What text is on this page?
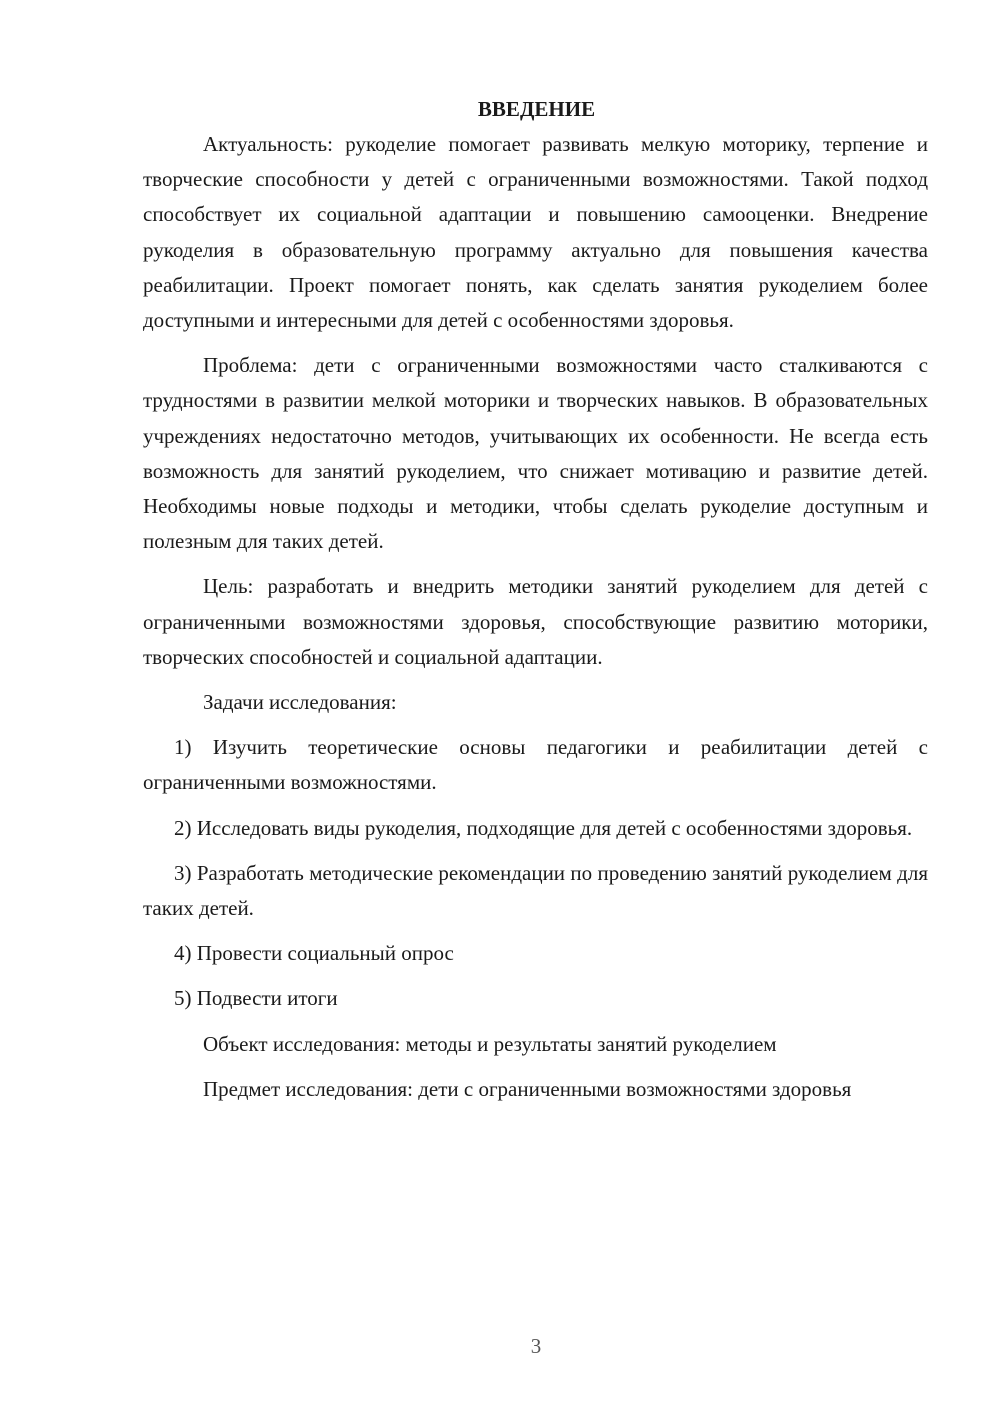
ВВЕДЕНИЕ

Актуальность: рукоделие помогает развивать мелкую моторику, терпение и творческие способности у детей с ограниченными возможностями. Такой подход способствует их социальной адаптации и повышению самооценки. Внедрение рукоделия в образовательную программу актуально для повышения качества реабилитации. Проект помогает понять, как сделать занятия рукоделием более доступными и интересными для детей с особенностями здоровья.

Проблема: дети с ограниченными возможностями часто сталкиваются с трудностями в развитии мелкой моторики и творческих навыков. В образовательных учреждениях недостаточно методов, учитывающих их особенности. Не всегда есть возможность для занятий рукоделием, что снижает мотивацию и развитие детей. Необходимы новые подходы и методики, чтобы сделать рукоделие доступным и полезным для таких детей.

Цель: разработать и внедрить методики занятий рукоделием для детей с ограниченными возможностями здоровья, способствующие развитию моторики, творческих способностей и социальной адаптации.

Задачи исследования:

1) Изучить теоретические основы педагогики и реабилитации детей с ограниченными возможностями.

2) Исследовать виды рукоделия, подходящие для детей с особенностями здоровья.

3) Разработать методические рекомендации по проведению занятий рукоделием для таких детей.

4) Провести социальный опрос

5) Подвести итоги

Объект исследования: методы и результаты занятий рукоделием

Предмет исследования: дети с ограниченными возможностями здоровья

3
